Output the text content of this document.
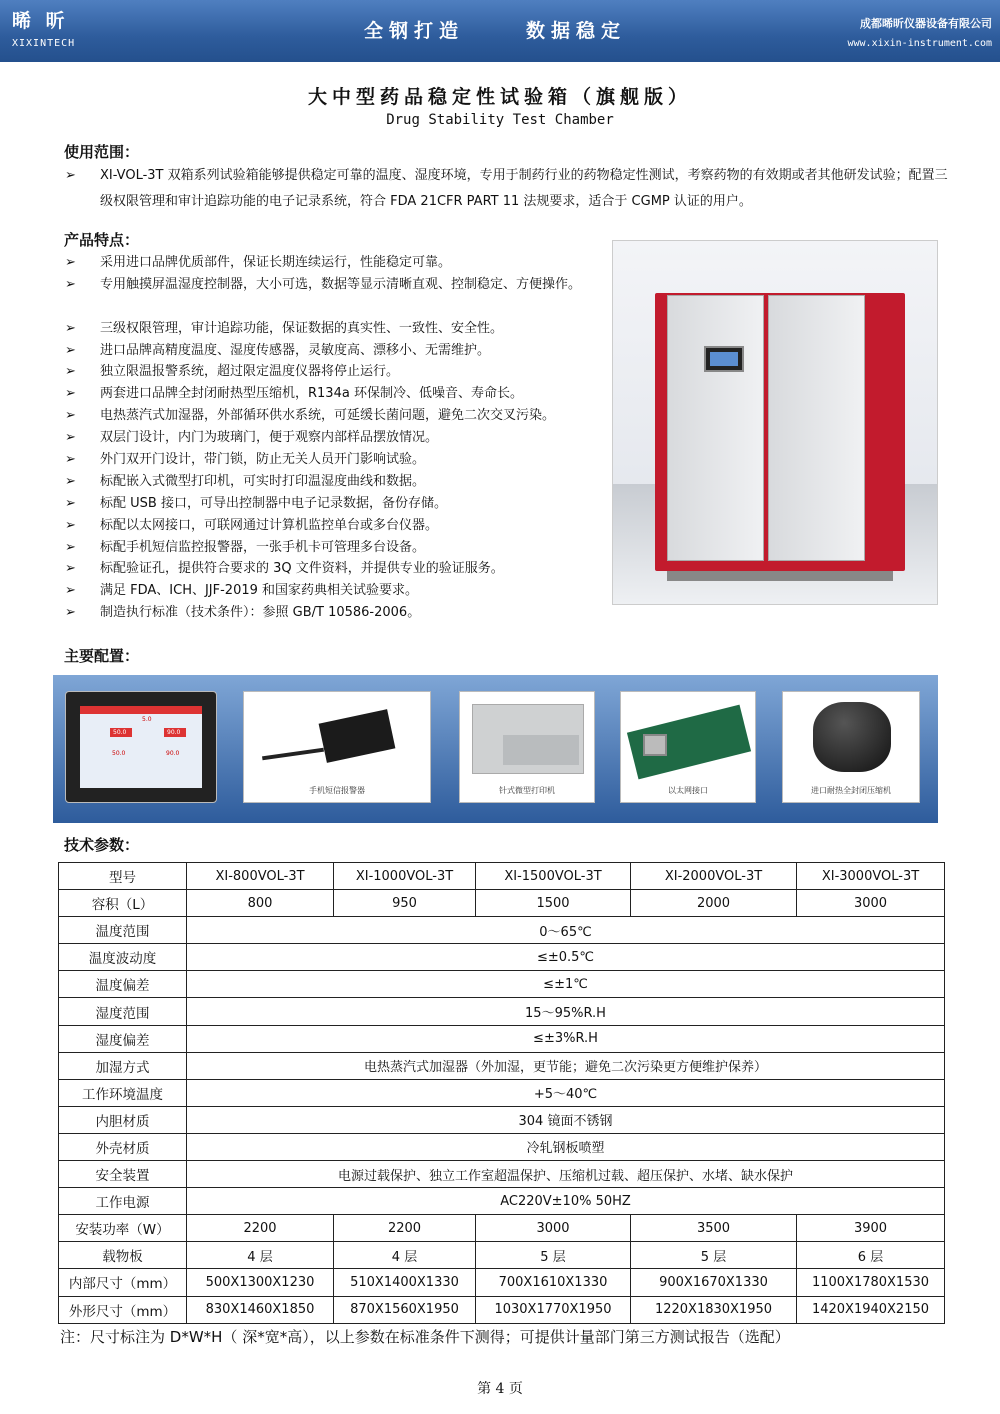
晞 昕
XIXINTECH
全钢打造	数据稳定	成都晞昕仪器设备有限公司
www.xixin-instrument.com
大中型药品稳定性试验箱（旗舰版）
Drug Stability Test Chamber
使用范围：
➢ XI-VOL-3T 双箱系列试验箱能够提供稳定可靠的温度、湿度环境，专用于制药行业的药物稳定性测试，考察药物的有效期或者其他研发试验；配置三级权限管理和审计追踪功能的电子记录系统，符合 FDA 21CFR PART 11 法规要求，适合于 CGMP 认证的用户。
产品特点：
➢ 采用进口品牌优质部件，保证长期连续运行，性能稳定可靠。
➢ 专用触摸屏温湿度控制器，大小可选，数据等显示清晰直观、控制稳定、方便操作。
➢ 三级权限管理，审计追踪功能，保证数据的真实性、一致性、安全性。
➢ 进口品牌高精度温度、湿度传感器，灵敏度高、漂移小、无需维护。
➢ 独立限温报警系统，超过限定温度仪器将停止运行。
➢ 两套进口品牌全封闭耐热型压缩机，R134a 环保制冷、低噪音、寿命长。
➢ 电热蒸汽式加湿器，外部循环供水系统，可延缓长菌问题，避免二次交叉污染。
➢ 双层门设计，内门为玻璃门，便于观察内部样品摆放情况。
➢ 外门双开门设计，带门锁，防止无关人员开门影响试验。
➢ 标配嵌入式微型打印机，可实时打印温湿度曲线和数据。
➢ 标配 USB 接口，可导出控制器中电子记录数据，备份存储。
➢ 标配以太网接口，可联网通过计算机监控单台或多台仪器。
➢ 标配手机短信监控报警器，一张手机卡可管理多台设备。
➢ 标配验证孔，提供符合要求的 3Q 文件资料，并提供专业的验证服务。
➢ 满足 FDA、ICH、JJF-2019 和国家药典相关试验要求。
➢ 制造执行标准（技术条件）：参照 GB/T 10586-2006。
主要配置：
5.0
50.0	90.0
50.0	90.0
手机短信报警器	针式微型打印机	以太网接口	进口耐热全封闭压缩机
技术参数：
型号	XI-800VOL-3T	XI-1000VOL-3T	XI-1500VOL-3T	XI-2000VOL-3T	XI-3000VOL-3T
容积（L）	800	950	1500	2000	3000
温度范围	0～65℃				
温度波动度	≤±0.5℃				
温度偏差	≤±1℃				
湿度范围	15～95%R.H				
湿度偏差	≤±3%R.H				
加湿方式	电热蒸汽式加湿器（外加湿，更节能；避免二次污染更方便维护保养）				
工作环境温度	+5～40℃				
内胆材质	304 镜面不锈钢				
外壳材质	冷轧钢板喷塑				
安全装置	电源过载保护、独立工作室超温保护、压缩机过载、超压保护、水堵、缺水保护				
工作电源	AC220V±10% 50HZ				
安装功率（W）	2200	2200	3000	3500	3900
载物板	4 层	4 层	5 层	5 层	6 层
内部尺寸（mm）	500X1300X1230	510X1400X1330	700X1610X1330	900X1670X1330	1100X1780X1530
外形尺寸（mm）	830X1460X1850	870X1560X1950	1030X1770X1950	1220X1830X1950	1420X1940X2150
注：尺寸标注为 D*W*H（ 深*宽*高），以上参数在标准条件下测得；可提供计量部门第三方测试报告（选配）
第 4 页
